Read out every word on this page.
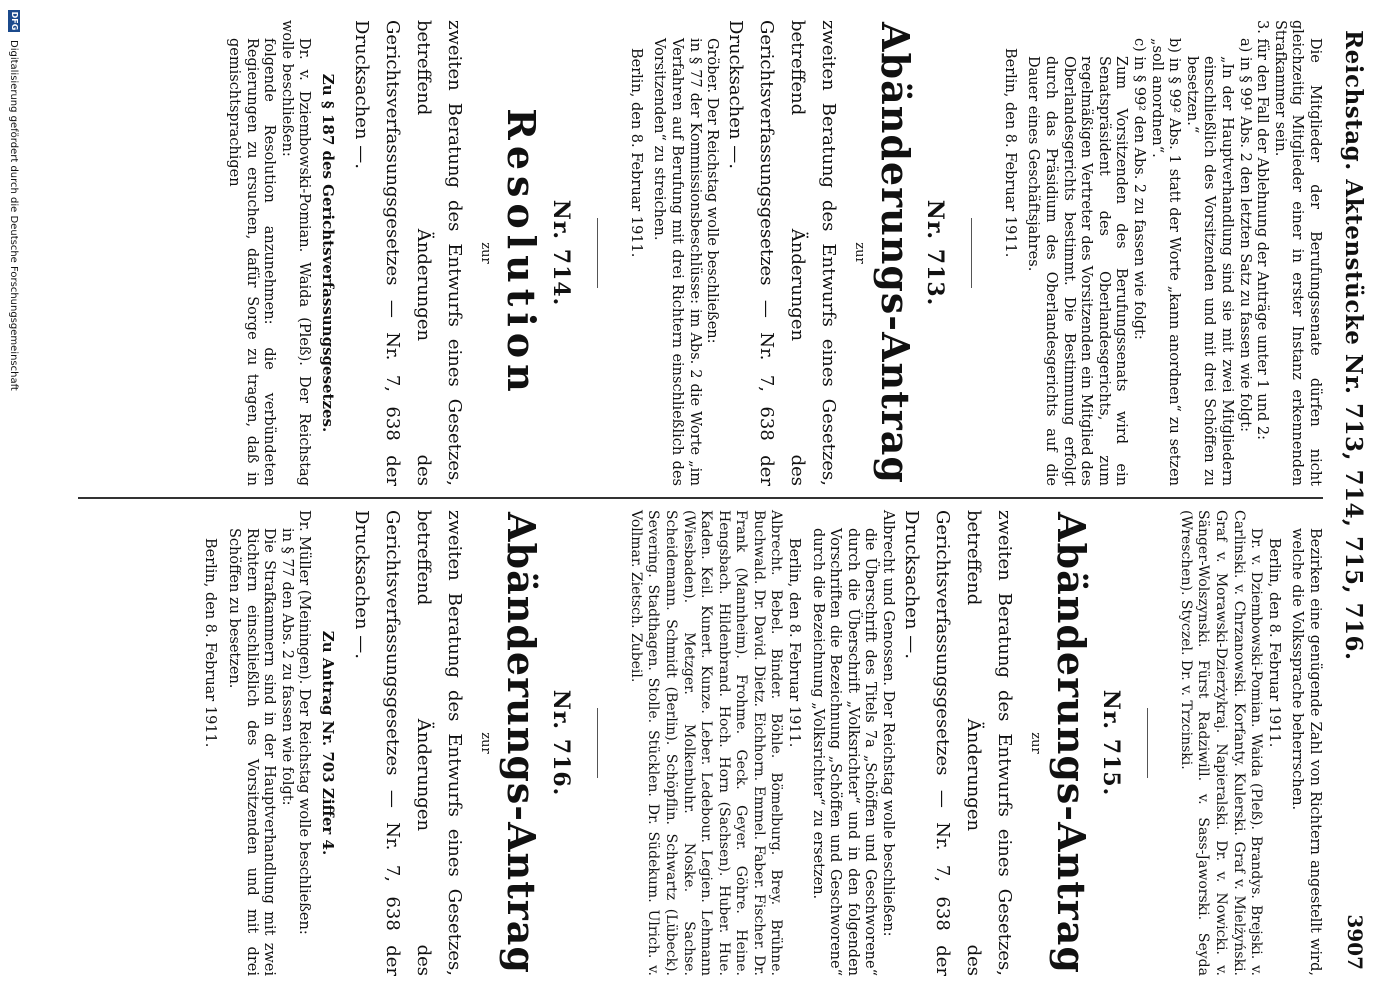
Reichstag. Aktenstücke Nr. 713, 714, 715, 716.
3907

Die Mitglieder der Berufungssenate dürfen nicht gleichzeitig Mitglieder einer in erster Instanz erkennenden Strafkammer sein.

3. für den Fall der Ablehnung der Anträge unter 1 und 2:

a) in § 99¹ Abs. 2 den letzten Satz zu fassen wie folgt:

„In der Hauptverhandlung sind sie mit zwei Mitgliedern einschließlich des Vorsitzenden und mit drei Schöffen zu besetzen.“

b) in § 99² Abs. 1 statt der Worte „kann anordnen“ zu setzen „soll anordnen“.

c) in § 99² den Abs. 2 zu fassen wie folgt:

Zum Vorsitzenden des Berufungssenats wird ein Senatspräsident des Oberlandesgerichts, zum regelmäßigen Vertreter des Vorsitzenden ein Mitglied des Oberlandesgerichts bestimmt. Die Bestimmung erfolgt durch das Präsidium des Oberlandesgerichts auf die Dauer eines Geschäftsjahres.

Berlin, den 8. Februar 1911.

Nr. 713.
Abänderungs-Antrag
zur

zweiten Beratung des Entwurfs eines Gesetzes, betreffend Änderungen des Gerichtsverfassungsgesetzes — Nr. 7, 638 der Drucksachen —.

Gröber. Der Reichstag wolle beschließen:

in § 77 der Kommissionsbeschlüsse: im Abs. 2 die Worte „im Verfahren auf Berufung mit drei Richtern einschließlich des Vorsitzenden“ zu streichen.

Berlin, den 8. Februar 1911.

Nr. 714.
Resolution
zur

zweiten Beratung des Entwurfs eines Gesetzes, betreffend Änderungen des Gerichtsverfassungsgesetzes — Nr. 7, 638 der Drucksachen —.

Zu § 187 des Gerichtsverfassungsgesetzes.

Dr. v. Dziembowski-Pomian. Waida (Pleß). Der Reichstag wolle beschließen:

folgende Resolution anzunehmen: die verbündeten Regierungen zu ersuchen, dafür Sorge zu tragen, daß in gemischtsprachigen

Bezirken eine genügende Zahl von Richtern angestellt wird, welche die Volkssprache beherrschen.

Berlin, den 8. Februar 1911.

Dr. v. Dziembowski-Pomian. Waida (Pleß). Brandys. Brejski. v. Carlinski. v. Chrzanowski. Korfanty. Kulerski. Graf v. Mielżyński. Graf v. Morawski-Dzierżykraj. Napieralski. Dr. v. Nowicki. v. Sänger-Wolszynski. Fürst Radziwill. v. Sass-Jaworski. Seyda (Wreschen). Styczel. Dr. v. Trzcinski.

Nr. 715.
Abänderungs-Antrag
zur

zweiten Beratung des Entwurfs eines Gesetzes, betreffend Änderungen des Gerichtsverfassungsgesetzes — Nr. 7, 638 der Drucksachen —.

Albrecht und Genossen. Der Reichstag wolle beschließen:

die Überschrift des Titels 7a „Schöffen und Geschworene“ durch die Überschrift „Volksrichter“ und in den folgenden Vorschriften die Bezeichnung „Schöffen und Geschworene“ durch die Bezeichnung „Volksrichter“ zu ersetzen.

Berlin, den 8. Februar 1911.

Albrecht. Bebel. Binder. Böhle. Bömelburg. Brey. Brühne. Buchwald. Dr. David. Dietz. Eichhorn. Emmel. Faber. Fischer. Dr. Frank (Mannheim). Frohme. Geck. Geyer. Göhre. Heine. Hengsbach. Hildenbrand. Hoch. Horn (Sachsen). Huber. Hue. Kaden. Keil. Kunert. Kunze. Leber. Ledebour. Legien. Lehmann (Wiesbaden). Metzger. Molkenbuhr. Noske. Sachse. Scheidemann. Schmidt (Berlin). Schöpflin. Schwartz (Lübeck). Severing. Stadthagen. Stolle. Stücklen. Dr. Südekum. Ulrich. v. Vollmar. Zietsch. Zubeil.

Nr. 716.
Abänderungs-Antrag
zur

zweiten Beratung des Entwurfs eines Gesetzes, betreffend Änderungen des Gerichtsverfassungsgesetzes — Nr. 7, 638 der Drucksachen —.

Zu Antrag Nr. 703 Ziffer 4.

Dr. Müller (Meiningen). Der Reichstag wolle beschließen:

in § 77 den Abs. 2 zu fassen wie folgt:

Die Strafkammern sind in der Hauptverhandlung mit zwei Richtern einschließlich des Vorsitzenden und mit drei Schöffen zu besetzen.

Berlin, den 8. Februar 1911.

DFG
Digitalisierung gefördert durch die Deutsche Forschungsgemeinschaft
